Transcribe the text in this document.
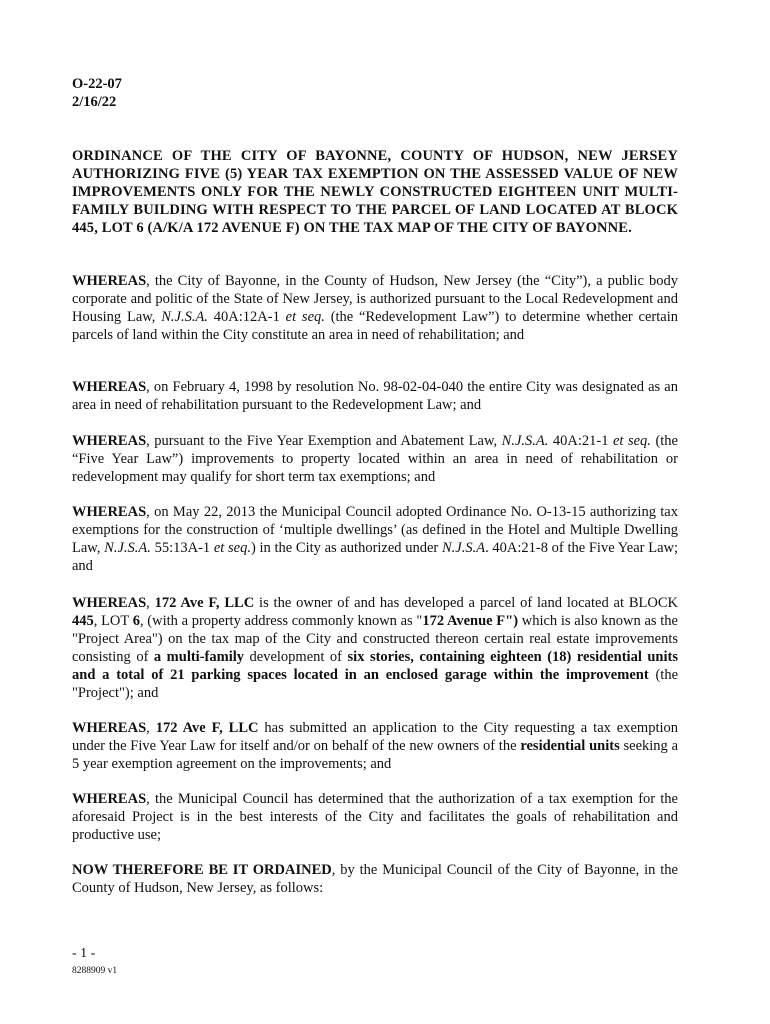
O-22-07
2/16/22
ORDINANCE OF THE CITY OF BAYONNE, COUNTY OF HUDSON, NEW JERSEY AUTHORIZING FIVE (5) YEAR TAX EXEMPTION ON THE ASSESSED VALUE OF NEW IMPROVEMENTS ONLY FOR THE NEWLY CONSTRUCTED EIGHTEEN UNIT MULTI-FAMILY BUILDING WITH RESPECT TO THE PARCEL OF LAND LOCATED AT BLOCK 445, LOT 6 (A/K/A 172 AVENUE F) ON THE TAX MAP OF THE CITY OF BAYONNE.

WHEREAS, the City of Bayonne, in the County of Hudson, New Jersey (the “City”), a public body corporate and politic of the State of New Jersey, is authorized pursuant to the Local Redevelopment and Housing Law, N.J.S.A. 40A:12A-1 et seq. (the “Redevelopment Law”) to determine whether certain parcels of land within the City constitute an area in need of rehabilitation; and

WHEREAS, on February 4, 1998 by resolution No. 98-02-04-040 the entire City was designated as an area in need of rehabilitation pursuant to the Redevelopment Law; and

WHEREAS, pursuant to the Five Year Exemption and Abatement Law, N.J.S.A. 40A:21-1 et seq. (the “Five Year Law”) improvements to property located within an area in need of rehabilitation or redevelopment may qualify for short term tax exemptions; and

WHEREAS, on May 22, 2013 the Municipal Council adopted Ordinance No. O-13-15 authorizing tax exemptions for the construction of ‘multiple dwellings’ (as defined in the Hotel and Multiple Dwelling Law, N.J.S.A. 55:13A-1 et seq.) in the City as authorized under N.J.S.A. 40A:21-8 of the Five Year Law; and

WHEREAS, 172 Ave F, LLC is the owner of and has developed a parcel of land located at BLOCK 445, LOT 6, (with a property address commonly known as "172 Avenue F") which is also known as the "Project Area") on the tax map of the City and constructed thereon certain real estate improvements consisting of a multi-family development of six stories, containing eighteen (18) residential units and a total of 21 parking spaces located in an enclosed garage within the improvement (the "Project"); and

WHEREAS, 172 Ave F, LLC has submitted an application to the City requesting a tax exemption under the Five Year Law for itself and/or on behalf of the new owners of the residential units seeking a 5 year exemption agreement on the improvements; and

WHEREAS, the Municipal Council has determined that the authorization of a tax exemption for the aforesaid Project is in the best interests of the City and facilitates the goals of rehabilitation and productive use;

NOW THEREFORE BE IT ORDAINED, by the Municipal Council of the City of Bayonne, in the County of Hudson, New Jersey, as follows:

- 1 -
8288909 v1
